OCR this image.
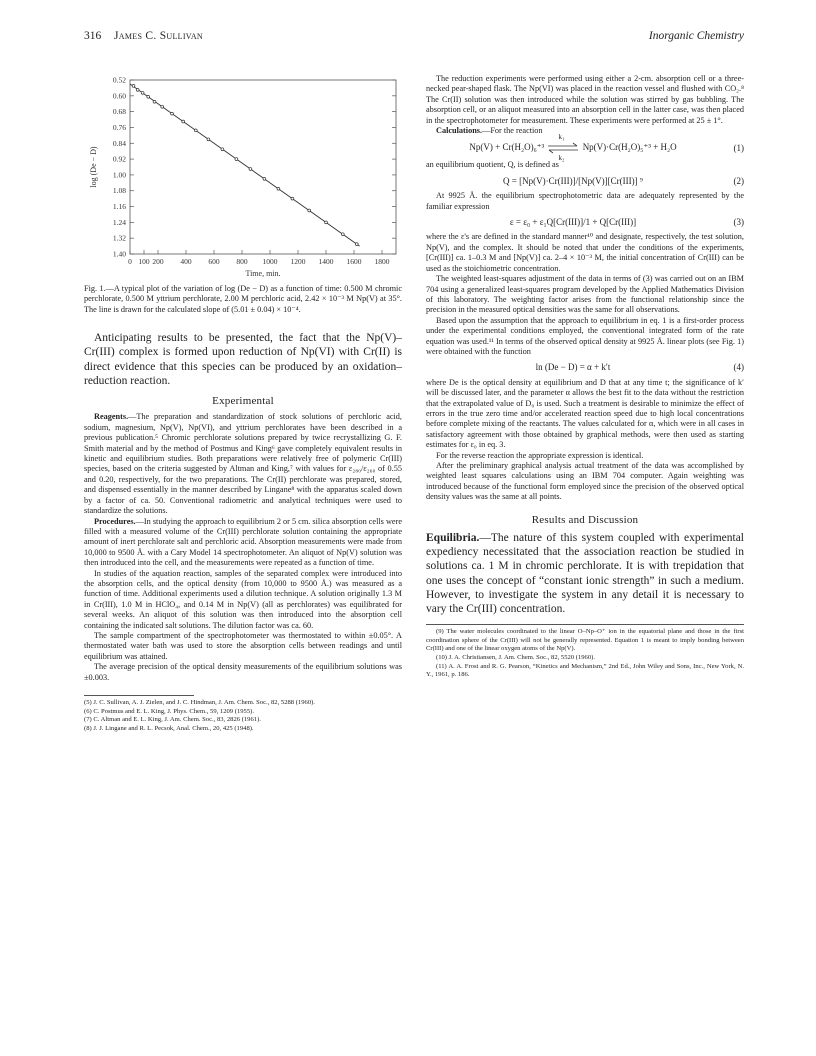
316 James C. Sullivan	Inorganic Chemistry
0.52
0.60
0.68
0.76
0.84
0.92
1.00
1.08
1.16
1.24
1.32
1.40
0 100 200 400 600 800 1000 1200 1400 1600 1800
Time, min.
log (De − D)

Fig. 1.—A typical plot of the variation of log (De − D) as a function of time: 0.500 M chromic perchlorate, 0.500 M yttrium perchlorate, 2.00 M perchloric acid, 2.42 × 10⁻³ M Np(V) at 35°. The line is drawn for the calculated slope of (5.01 ± 0.04) × 10⁻⁴.

Anticipating results to be presented, the fact that the Np(V)–Cr(III) complex is formed upon reduction of Np(VI) with Cr(II) is direct evidence that this species can be produced by an oxidation–reduction reaction.

Experimental

Reagents.—The preparation and standardization of stock solutions of perchloric acid, sodium, magnesium, Np(V), Np(VI), and yttrium perchlorates have been described in a previous publication.⁵ Chromic perchlorate solutions prepared by twice recrystallizing G. F. Smith material and by the method of Postmus and King⁶ gave completely equivalent results in kinetic and equilibrium studies. Both preparations were relatively free of polymeric Cr(III) species, based on the criteria suggested by Altman and King,⁷ with values for ε₂₈₀/ε₂₆₀ of 0.55 and 0.20, respectively, for the two preparations. The Cr(II) perchlorate was prepared, stored, and dispensed essentially in the manner described by Lingane⁸ with the apparatus scaled down by a factor of ca. 50. Conventional radiometric and analytical techniques were used to standardize the solutions.

Procedures.—In studying the approach to equilibrium 2 or 5 cm. silica absorption cells were filled with a measured volume of the Cr(III) perchlorate solution containing the appropriate amount of inert perchlorate salt and perchloric acid. Absorption measurements were made from 10,000 to 9500 Å. with a Cary Model 14 spectrophotometer. An aliquot of Np(V) solution was then introduced into the cell, and the measurements were repeated as a function of time.

In studies of the aquation reaction, samples of the separated complex were introduced into the absorption cells, and the optical density (from 10,000 to 9500 Å.) was measured as a function of time. Additional experiments used a dilution technique. A solution originally 1.3 M in Cr(III), 1.0 M in HClO₄, and 0.14 M in Np(V) (all as perchlorates) was equilibrated for several weeks. An aliquot of this solution was then introduced into the absorption cell containing the indicated salt solutions. The dilution factor was ca. 60.

The sample compartment of the spectrophotometer was thermostated to within ±0.05°. A thermostated water bath was used to store the absorption cells between readings and until equilibrium was attained.

The average precision of the optical density measurements of the equilibrium solutions was ±0.003.

(5) J. C. Sullivan, A. J. Zielen, and J. C. Hindman, J. Am. Chem. Soc., 82, 5288 (1960).

(6) C. Postmus and E. L. King, J. Phys. Chem., 59, 1209 (1955).

(7) C. Altman and E. L. King, J. Am. Chem. Soc., 83, 2826 (1961).

(8) J. J. Lingane and R. L. Pecsok, Anal. Chem., 20, 425 (1948).

The reduction experiments were performed using either a 2-cm. absorption cell or a three-necked pear-shaped flask. The Np(VI) was placed in the reaction vessel and flushed with CO₂.⁸ The Cr(II) solution was then introduced while the solution was stirred by gas bubbling. The absorption cell, or an aliquot measured into an absorption cell in the latter case, was then placed in the spectrophotometer for measurement. These experiments were performed at 25 ± 1°.

Calculations.—For the reaction

Np(V) + Cr(H₂O)₆⁺³
k₁
k₂
Np(V)·Cr(H₂O)₅⁺³ + H₂O	(1)

an equilibrium quotient, Q, is defined as

Q = [Np(V)·Cr(III)]/[Np(V)][Cr(III)] ⁹	(2)

At 9925 Å. the equilibrium spectrophotometric data are adequately represented by the familiar expression

ε = ε₀ + ε₁Q[Cr(III)]/1 + Q[Cr(III)]	(3)

where the ε's are defined in the standard manner¹⁰ and designate, respectively, the test solution, Np(V), and the complex. It should be noted that under the conditions of the experiments, [Cr(III)] ca. 1–0.3 M and [Np(V)] ca. 2–4 × 10⁻³ M, the initial concentration of Cr(III) can be used as the stoichiometric concentration.

The weighted least-squares adjustment of the data in terms of (3) was carried out on an IBM 704 using a generalized least-squares program developed by the Applied Mathematics Division of this laboratory. The weighting factor arises from the functional relationship since the precision in the measured optical densities was the same for all observations.

Based upon the assumption that the approach to equilibrium in eq. 1 is a first-order process under the experimental conditions employed, the conventional integrated form of the rate equation was used.¹¹ In terms of the observed optical density at 9925 Å. linear plots (see Fig. 1) were obtained with the function

ln (De − D) = α + k′t	(4)

where De is the optical density at equilibrium and D that at any time t; the significance of k′ will be discussed later, and the parameter α allows the best fit to the data without the restriction that the extrapolated value of D₀ is used. Such a treatment is desirable to minimize the effect of errors in the true zero time and/or accelerated reaction speed due to high local concentrations before complete mixing of the reactants. The values calculated for α, which were in all cases in satisfactory agreement with those obtained by graphical methods, were then used as starting estimates for ε₀ in eq. 3.

For the reverse reaction the appropriate expression is identical.

After the preliminary graphical analysis actual treatment of the data was accomplished by weighted least squares calculations using an IBM 704 computer. Again weighting was introduced because of the functional form employed since the precision of the observed optical density values was the same at all points.

Results and Discussion

Equilibria.—The nature of this system coupled with experimental expediency necessitated that the association reaction be studied in solutions ca. 1 M in chromic perchlorate. It is with trepidation that one uses the concept of “constant ionic strength” in such a medium. However, to investigate the system in any detail it is necessary to vary the Cr(III) concentration.

(9) The water molecules coordinated to the linear O–Np–O⁺ ion in the equatorial plane and those in the first coordination sphere of the Cr(III) will not be generally represented. Equation 1 is meant to imply bonding between Cr(III) and one of the linear oxygen atoms of the Np(V).

(10) J. A. Christiansen, J. Am. Chem. Soc., 82, 5520 (1960).

(11) A. A. Frost and R. G. Pearson, “Kinetics and Mechanism,” 2nd Ed., John Wiley and Sons, Inc., New York, N. Y., 1961, p. 186.
